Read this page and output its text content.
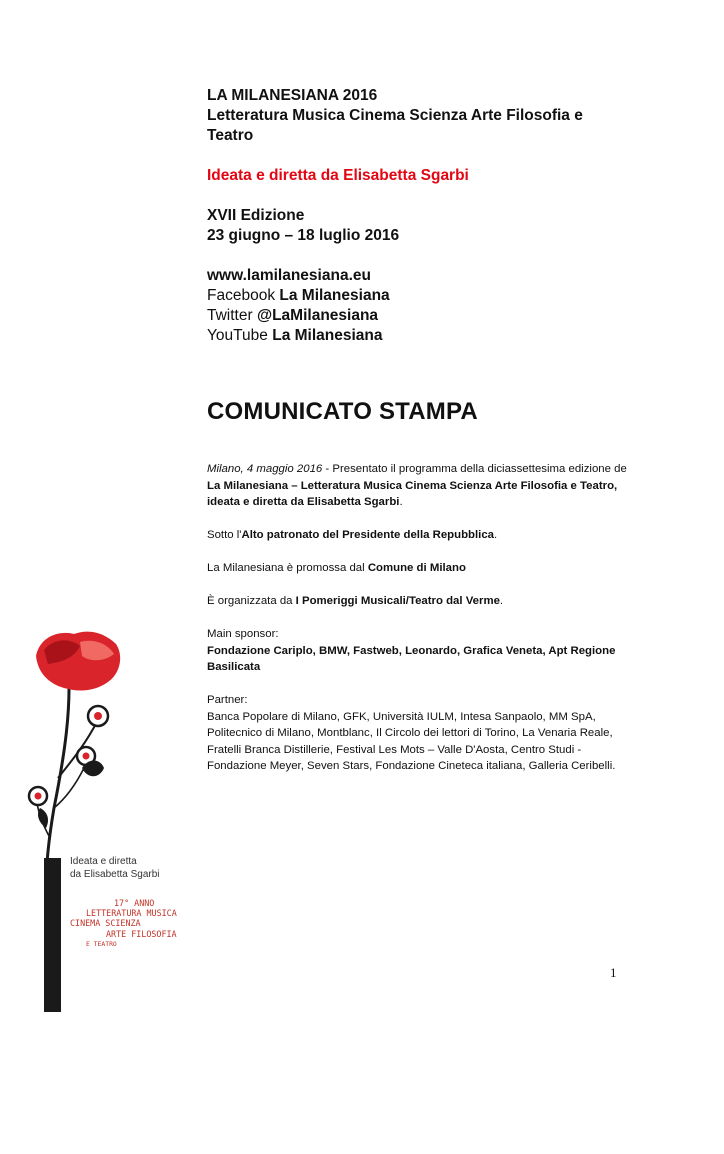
LA MILANESIANA 2016

Letteratura Musica Cinema Scienza Arte Filosofia e Teatro

Ideata e diretta da Elisabetta Sgarbi

XVII Edizione

23 giugno – 18 luglio 2016

www.lamilanesiana.eu

Facebook La Milanesiana

Twitter @LaMilanesiana

YouTube La Milanesiana

COMUNICATO STAMPA

Milano, 4 maggio 2016 - Presentato il programma della diciassettesima edizione de La Milanesiana – Letteratura Musica Cinema Scienza Arte Filosofia e Teatro, ideata e diretta da Elisabetta Sgarbi.

Sotto l'Alto patronato del Presidente della Repubblica.

La Milanesiana è promossa dal Comune di Milano

È organizzata da I Pomeriggi Musicali/Teatro dal Verme.

Main sponsor:

Fondazione Cariplo, BMW, Fastweb, Leonardo, Grafica Veneta, Apt Regione Basilicata

Partner:

Banca Popolare di Milano, GFK, Università IULM, Intesa Sanpaolo, MM SpA, Politecnico di Milano, Montblanc, Il Circolo dei lettori di Torino, La Venaria Reale, Fratelli Branca Distillerie, Festival Les Mots – Valle D'Aosta, Centro Studi - Fondazione Meyer, Seven Stars, Fondazione Cineteca italiana, Galleria Ceribelli.

LA MILANESIANA 2016
Ideata e diretta
da Elisabetta Sgarbi
17° ANNO
LETTERATURA MUSICA
CINEMA SCIENZA
ARTE FILOSOFIA
E TEATRO
1
